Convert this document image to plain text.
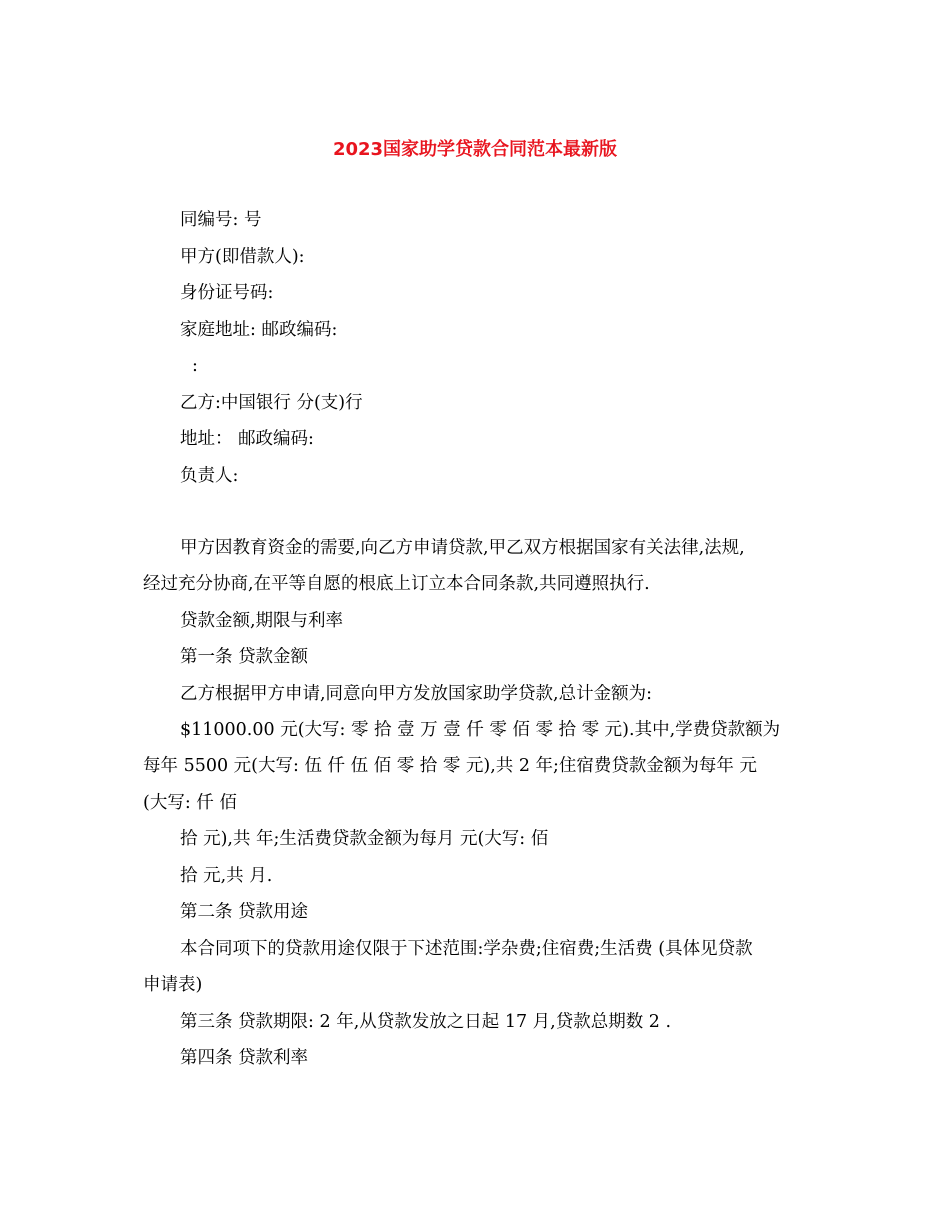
2023国家助学贷款合同范本最新版
同编号: 号
甲方(即借款人):
身份证号码:
家庭地址: 邮政编码:
:
乙方:中国银行 分(支)行
地址： 邮政编码:
负责人:
甲方因教育资金的需要,向乙方申请贷款,甲乙双方根据国家有关法律,法规,
经过充分协商,在平等自愿的根底上订立本合同条款,共同遵照执行.
贷款金额,期限与利率
第一条 贷款金额
乙方根据甲方申请,同意向甲方发放国家助学贷款,总计金额为:
$11000.00 元(大写: 零 拾 壹 万 壹 仟 零 佰 零 拾 零 元).其中,学费贷款额为
每年 5500 元(大写: 伍 仟 伍 佰 零 拾 零 元),共 2 年;住宿费贷款金额为每年 元
(大写: 仟 佰
拾 元),共 年;生活费贷款金额为每月 元(大写: 佰
拾 元,共 月.
第二条 贷款用途
本合同项下的贷款用途仅限于下述范围:学杂费;住宿费;生活费 (具体见贷款
申请表)
第三条 贷款期限: 2 年,从贷款发放之日起 17 月,贷款总期数 2 .
第四条 贷款利率
